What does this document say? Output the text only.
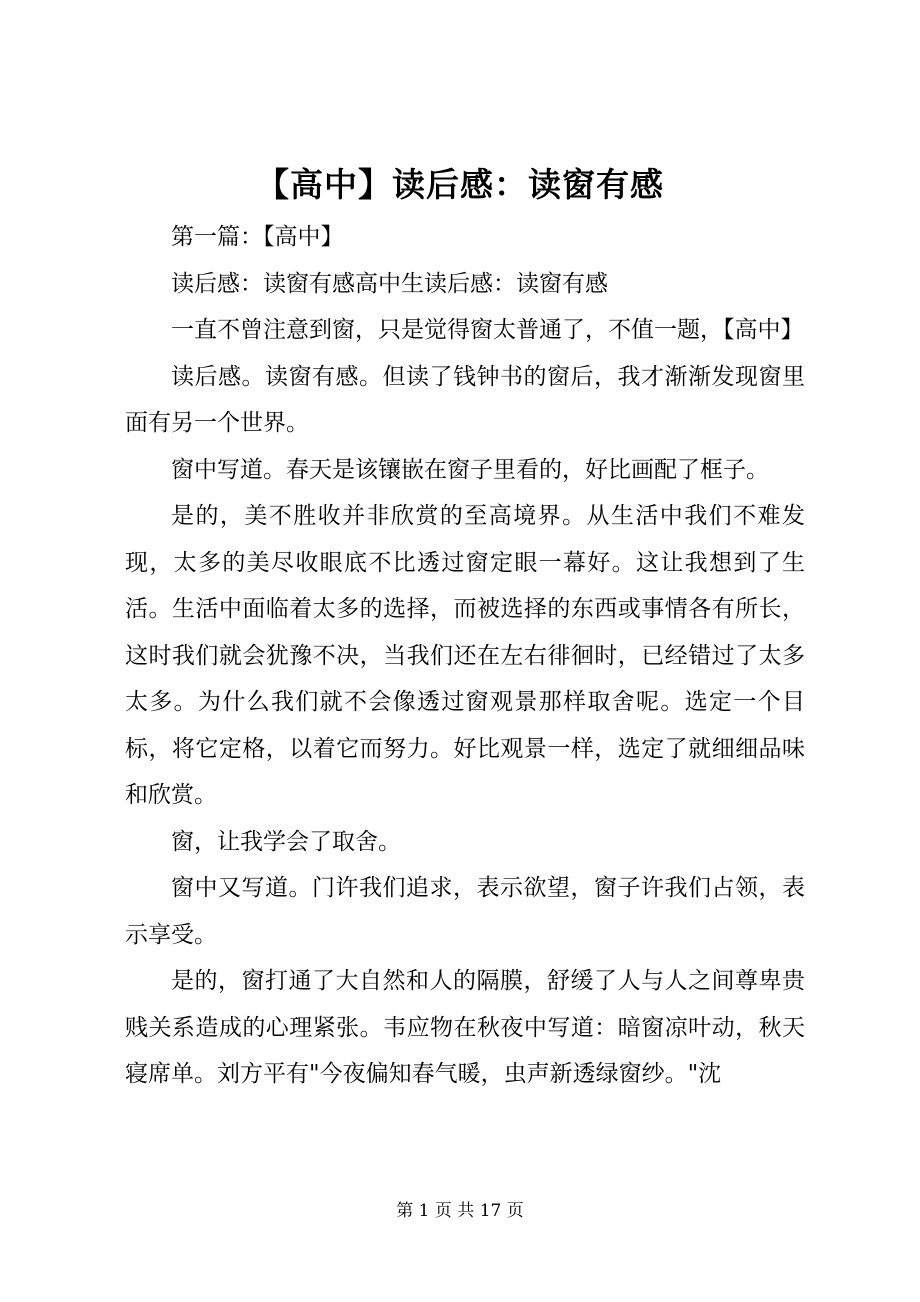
【高中】读后感：读窗有感

第一篇：【高中】

读后感：读窗有感高中生读后感：读窗有感

一直不曾注意到窗，只是觉得窗太普通了，不值一题，【高中】

读后感。读窗有感。但读了钱钟书的窗后，我才渐渐发现窗里面有另一个世界。

窗中写道。春天是该镶嵌在窗子里看的，好比画配了框子。

是的，美不胜收并非欣赏的至高境界。从生活中我们不难发现，太多的美尽收眼底不比透过窗定眼一幕好。这让我想到了生活。生活中面临着太多的选择，而被选择的东西或事情各有所长，这时我们就会犹豫不决，当我们还在左右徘徊时，已经错过了太多太多。为什么我们就不会像透过窗观景那样取舍呢。选定一个目标，将它定格，以着它而努力。好比观景一样，选定了就细细品味和欣赏。

窗，让我学会了取舍。

窗中又写道。门许我们追求，表示欲望，窗子许我们占领，表示享受。

是的，窗打通了大自然和人的隔膜，舒缓了人与人之间尊卑贵贱关系造成的心理紧张。韦应物在秋夜中写道：暗窗凉叶动，秋天寝席单。刘方平有"今夜偏知春气暖，虫声新透绿窗纱。"沈

第 1 页 共 17 页
